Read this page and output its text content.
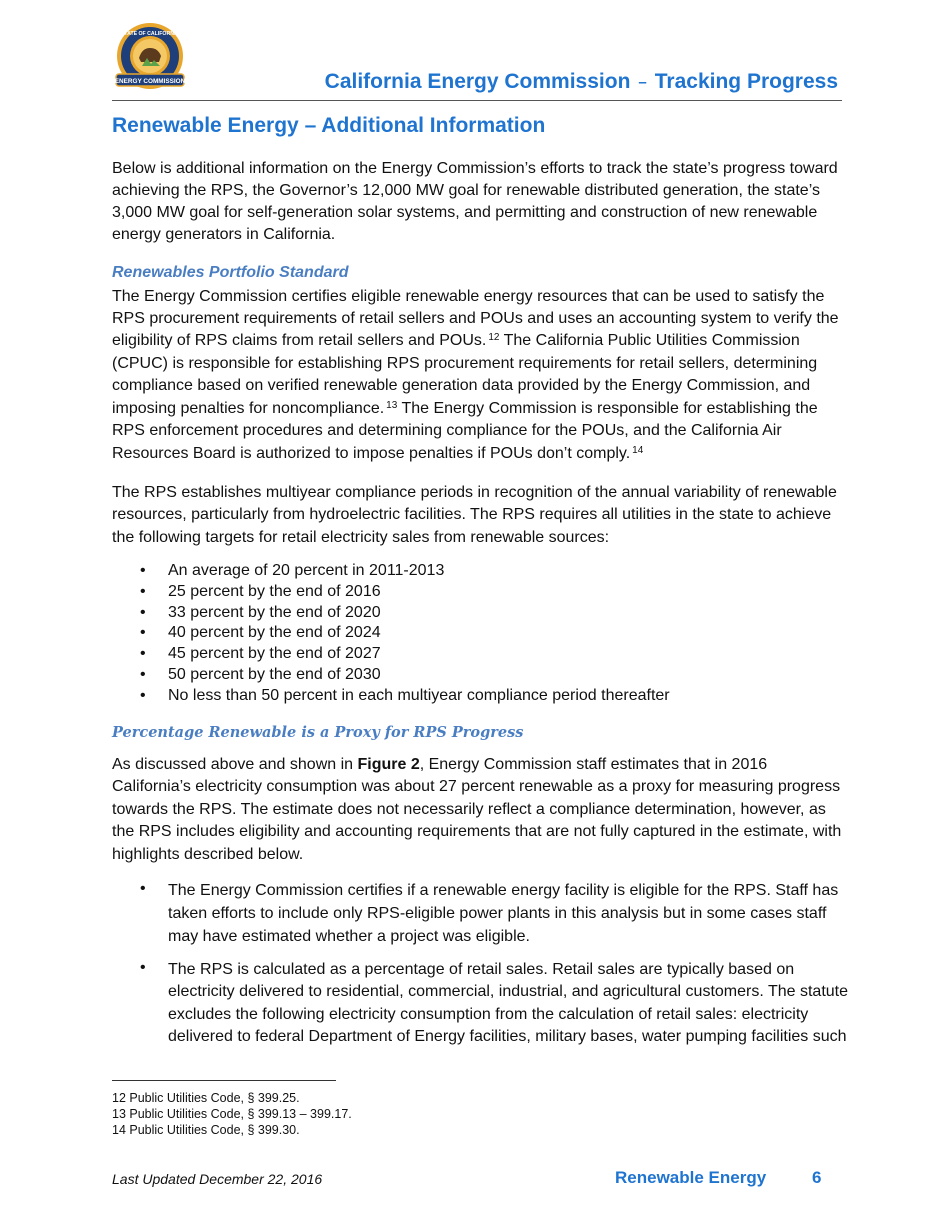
ENERGY COMMISSION
STATE OF CALIFORNIA
California Energy Commission – Tracking Progress
Renewable Energy – Additional Information

Below is additional information on the Energy Commission’s efforts to track the state’s progress toward

achieving the RPS, the Governor’s 12,000 MW goal for renewable distributed generation, the state’s

3,000 MW goal for self-generation solar systems, and permitting and construction of new renewable

energy generators in California.

Renewables Portfolio Standard

The Energy Commission certifies eligible renewable energy resources that can be used to satisfy the

RPS procurement requirements of retail sellers and POUs and uses an accounting system to verify the

eligibility of RPS claims from retail sellers and POUs. $^{12}$ The California Public Utilities Commission

(CPUC) is responsible for establishing RPS procurement requirements for retail sellers, determining

compliance based on verified renewable generation data provided by the Energy Commission, and

imposing penalties for noncompliance. $^{13}$ The Energy Commission is responsible for establishing the

RPS enforcement procedures and determining compliance for the POUs, and the California Air

Resources Board is authorized to impose penalties if POUs don’t comply. $^{14}$

The RPS establishes multiyear compliance periods in recognition of the annual variability of renewable

resources, particularly from hydroelectric facilities. The RPS requires all utilities in the state to achieve

the following targets for retail electricity sales from renewable sources:

• An average of 20 percent in 2011-2013
• 25 percent by the end of 2016
• 33 percent by the end of 2020
• 40 percent by the end of 2024
• 45 percent by the end of 2027
• 50 percent by the end of 2030
• No less than 50 percent in each multiyear compliance period thereafter
Percentage Renewable is a Proxy for RPS Progress

As discussed above and shown in Figure 2, Energy Commission staff estimates that in 2016

California’s electricity consumption was about 27 percent renewable as a proxy for measuring progress

towards the RPS. The estimate does not necessarily reflect a compliance determination, however, as

the RPS includes eligibility and accounting requirements that are not fully captured in the estimate, with

highlights described below.

• The Energy Commission certifies if a renewable energy facility is eligible for the RPS. Staff has

taken efforts to include only RPS-eligible power plants in this analysis but in some cases staff

may have estimated whether a project was eligible.

• The RPS is calculated as a percentage of retail sales. Retail sales are typically based on

electricity delivered to residential, commercial, industrial, and agricultural customers. The statute

excludes the following electricity consumption from the calculation of retail sales: electricity

delivered to federal Department of Energy facilities, military bases, water pumping facilities such

12 Public Utilities Code, § 399.25.

13 Public Utilities Code, § 399.13 – 399.17.

14 Public Utilities Code, § 399.30.

Last Updated December 22, 2016	Renewable Energy	6
